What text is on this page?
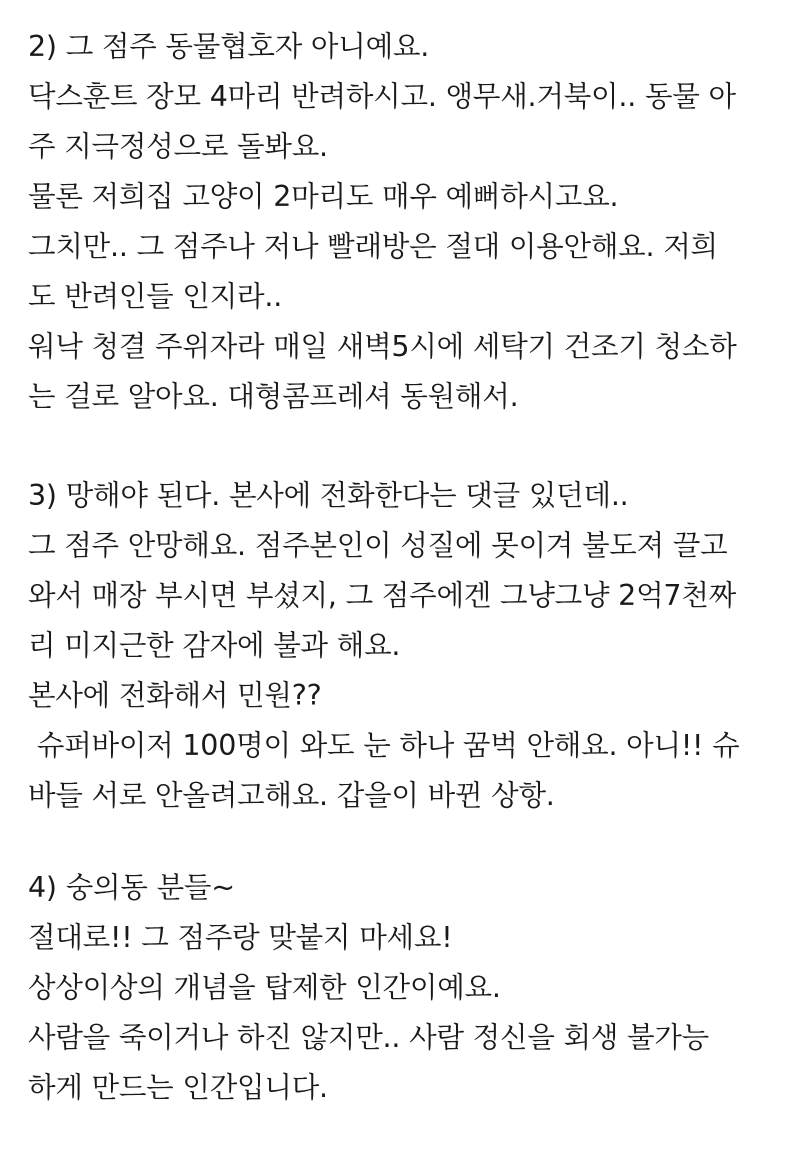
2) 그 점주 동물협호자 아니예요.
닥스훈트 장모 4마리 반려하시고. 앵무새.거북이.. 동물 아
주 지극정성으로 돌봐요.
물론 저희집 고양이 2마리도 매우 예뻐하시고요.
그치만.. 그 점주나 저나 빨래방은 절대 이용안해요. 저희
도 반려인들 인지라..
워낙 청결 주위자라 매일 새벽5시에 세탁기 건조기 청소하
는 걸로 알아요. 대형콤프레셔 동원해서.
3) 망해야 된다. 본사에 전화한다는 댓글 있던데..
그 점주 안망해요. 점주본인이 성질에 못이겨 불도져 끌고
와서 매장 부시면 부셨지, 그 점주에겐 그냥그냥 2억7천짜
리 미지근한 감자에 불과 해요.
본사에 전화해서 민원??
슈퍼바이저 100명이 와도 눈 하나 꿈벅 안해요. 아니!! 슈
바들 서로 안올려고해요. 갑을이 바뀐 상항.
4) 숭의동 분들~
절대로!! 그 점주랑 맞붙지 마세요!
상상이상의 개념을 탑제한 인간이예요.
사람을 죽이거나 하진 않지만.. 사람 정신을 회생 불가능
하게 만드는 인간입니다.
